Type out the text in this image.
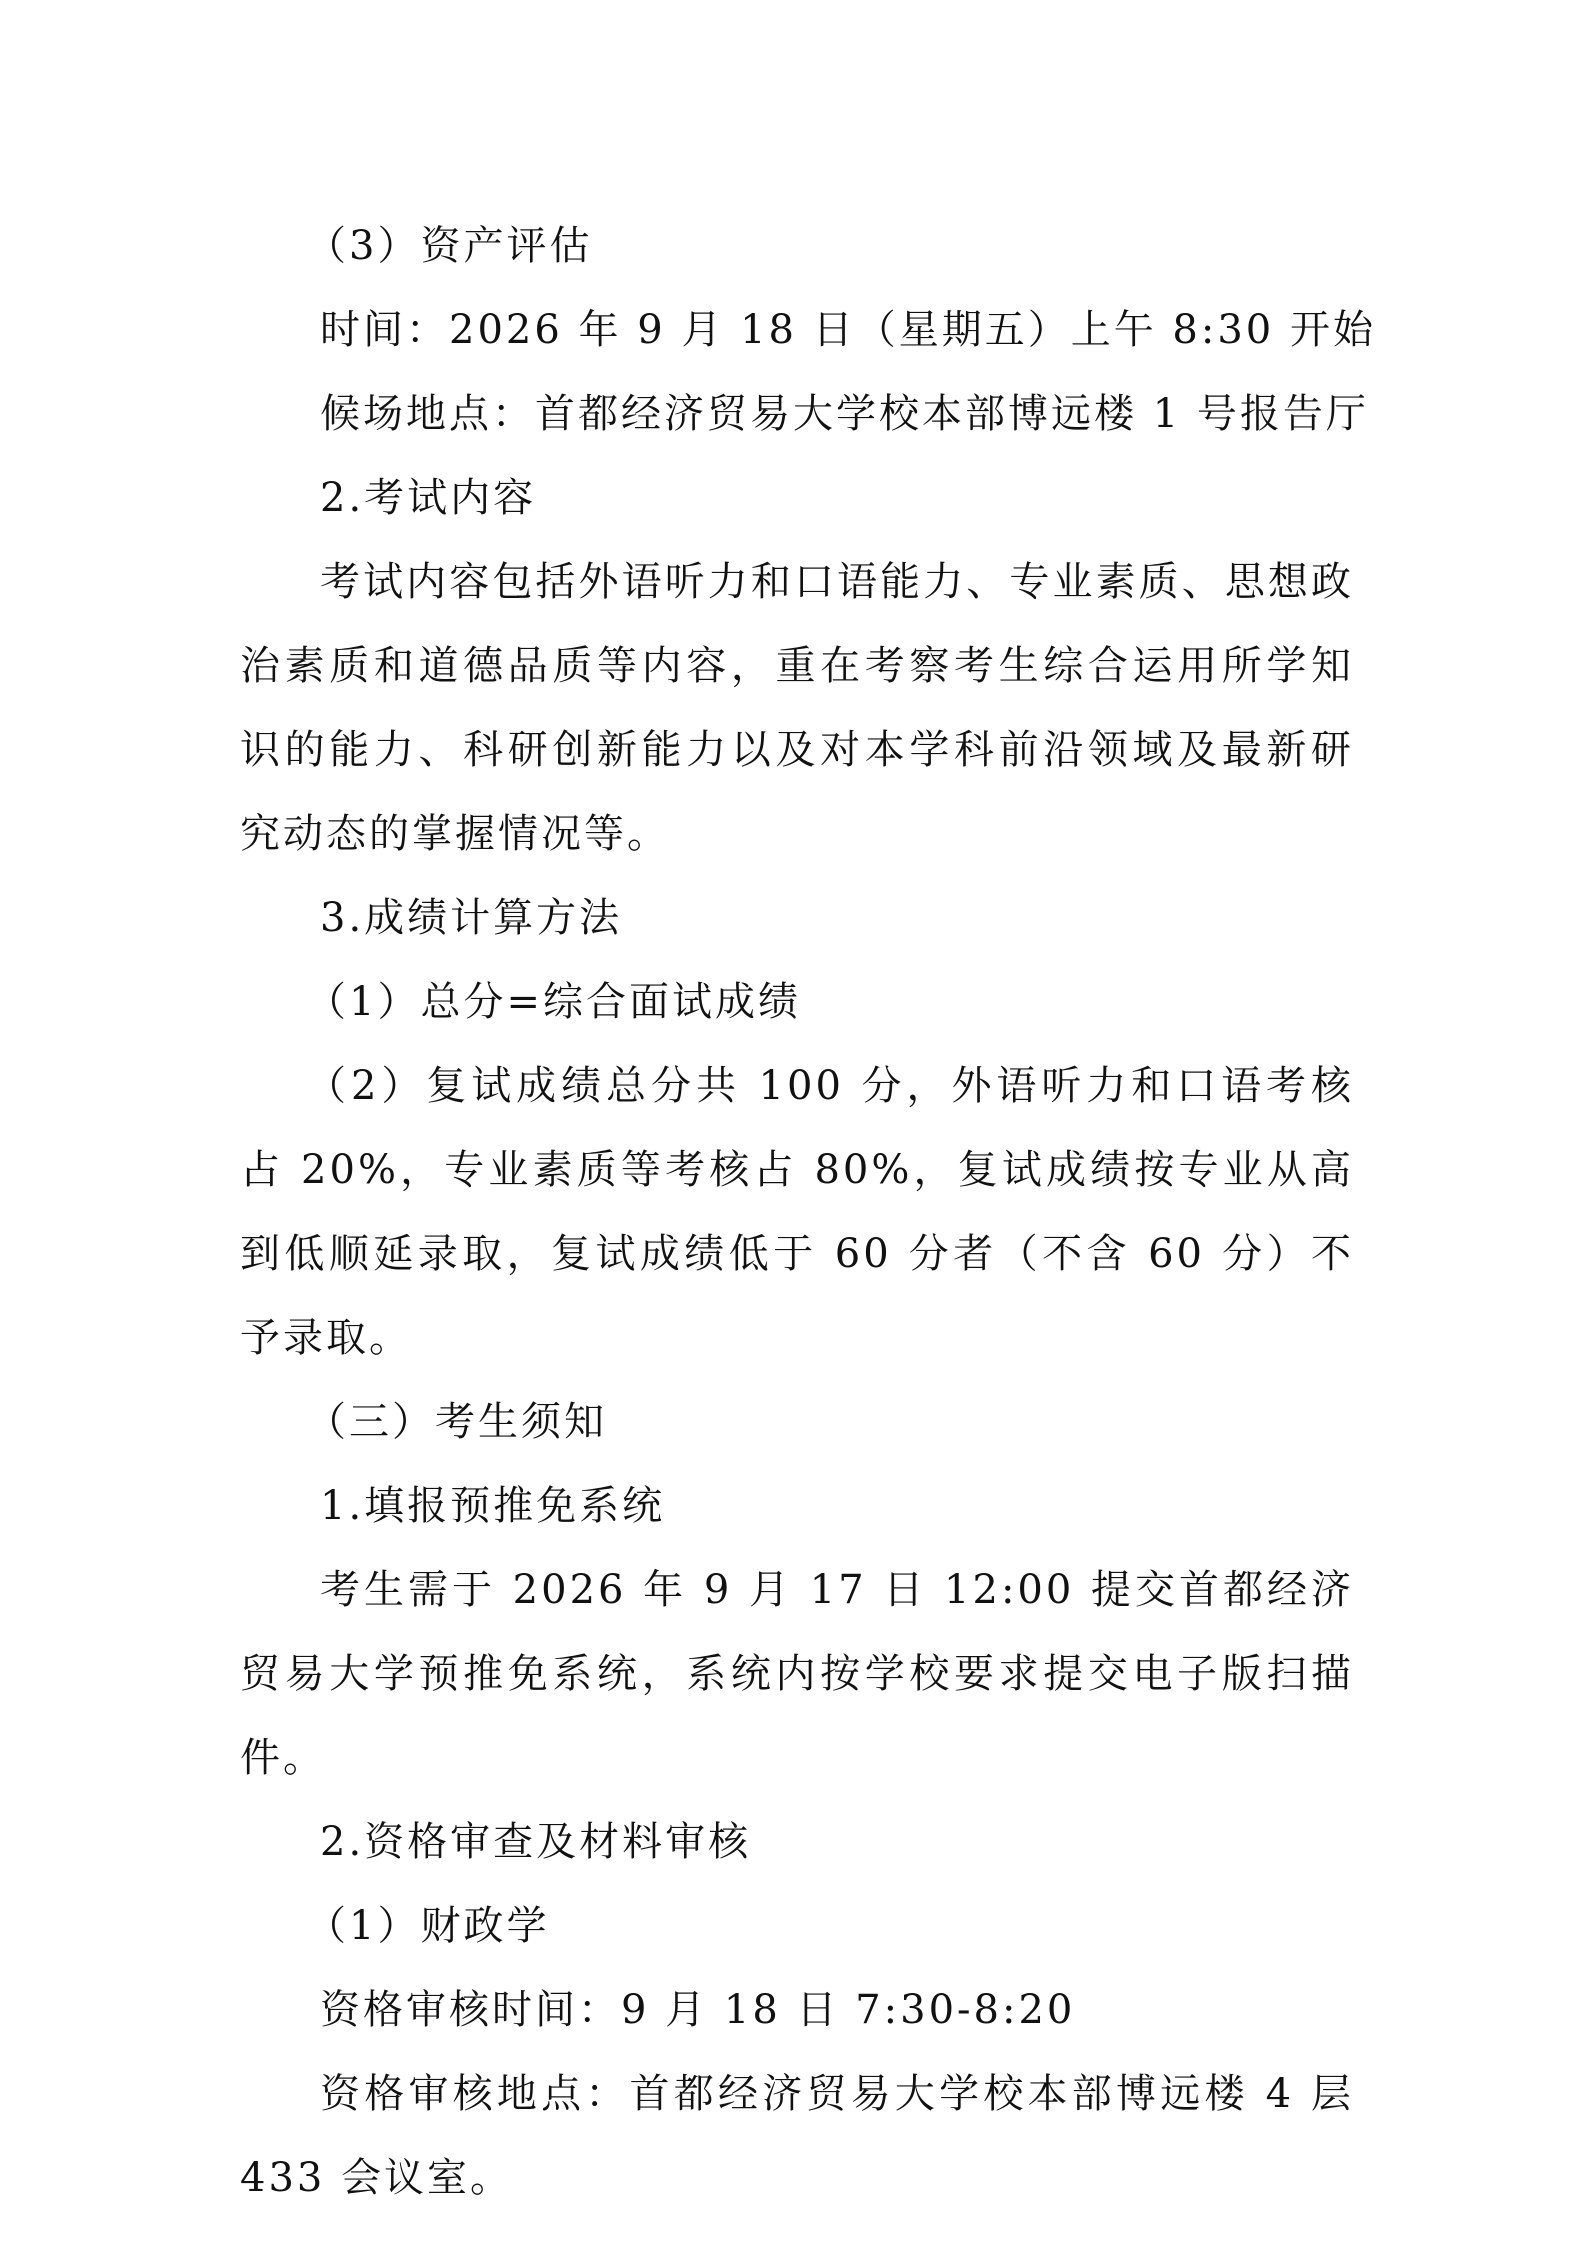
（3）资产评估

时间：2026 年 9 月 18 日（星期五）上午 8:30 开始

候场地点：首都经济贸易大学校本部博远楼 1 号报告厅

2.考试内容

考试内容包括外语听力和口语能力、专业素质、思想政治素质和道德品质等内容，重在考察考生综合运用所学知识的能力、科研创新能力以及对本学科前沿领域及最新研究动态的掌握情况等。

3.成绩计算方法

（1）总分=综合面试成绩

（2）复试成绩总分共 100 分，外语听力和口语考核占 20%，专业素质等考核占 80%，复试成绩按专业从高到低顺延录取，复试成绩低于 60 分者（不含 60 分）不予录取。

（三）考生须知

1.填报预推免系统

考生需于 2026 年 9 月 17 日 12:00 提交首都经济贸易大学预推免系统，系统内按学校要求提交电子版扫描件。

2.资格审查及材料审核

（1）财政学

资格审核时间：9 月 18 日 7:30-8:20

资格审核地点：首都经济贸易大学校本部博远楼 4 层 433 会议室。
